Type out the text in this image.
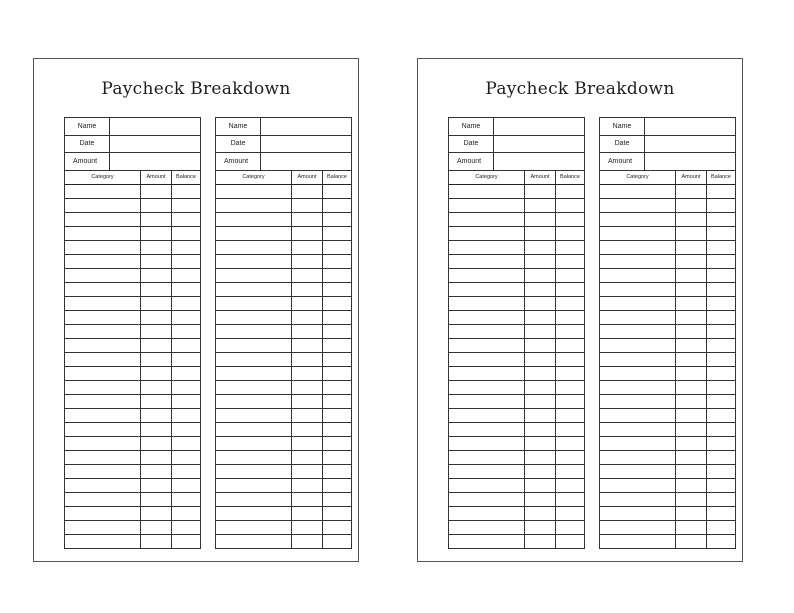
Paycheck Breakdown
Name
Date
Amount
Category	Amount	Balance
Name
Date
Amount
Category	Amount	Balance
Paycheck Breakdown
Name
Date
Amount
Category	Amount	Balance
Name
Date
Amount
Category	Amount	Balance
